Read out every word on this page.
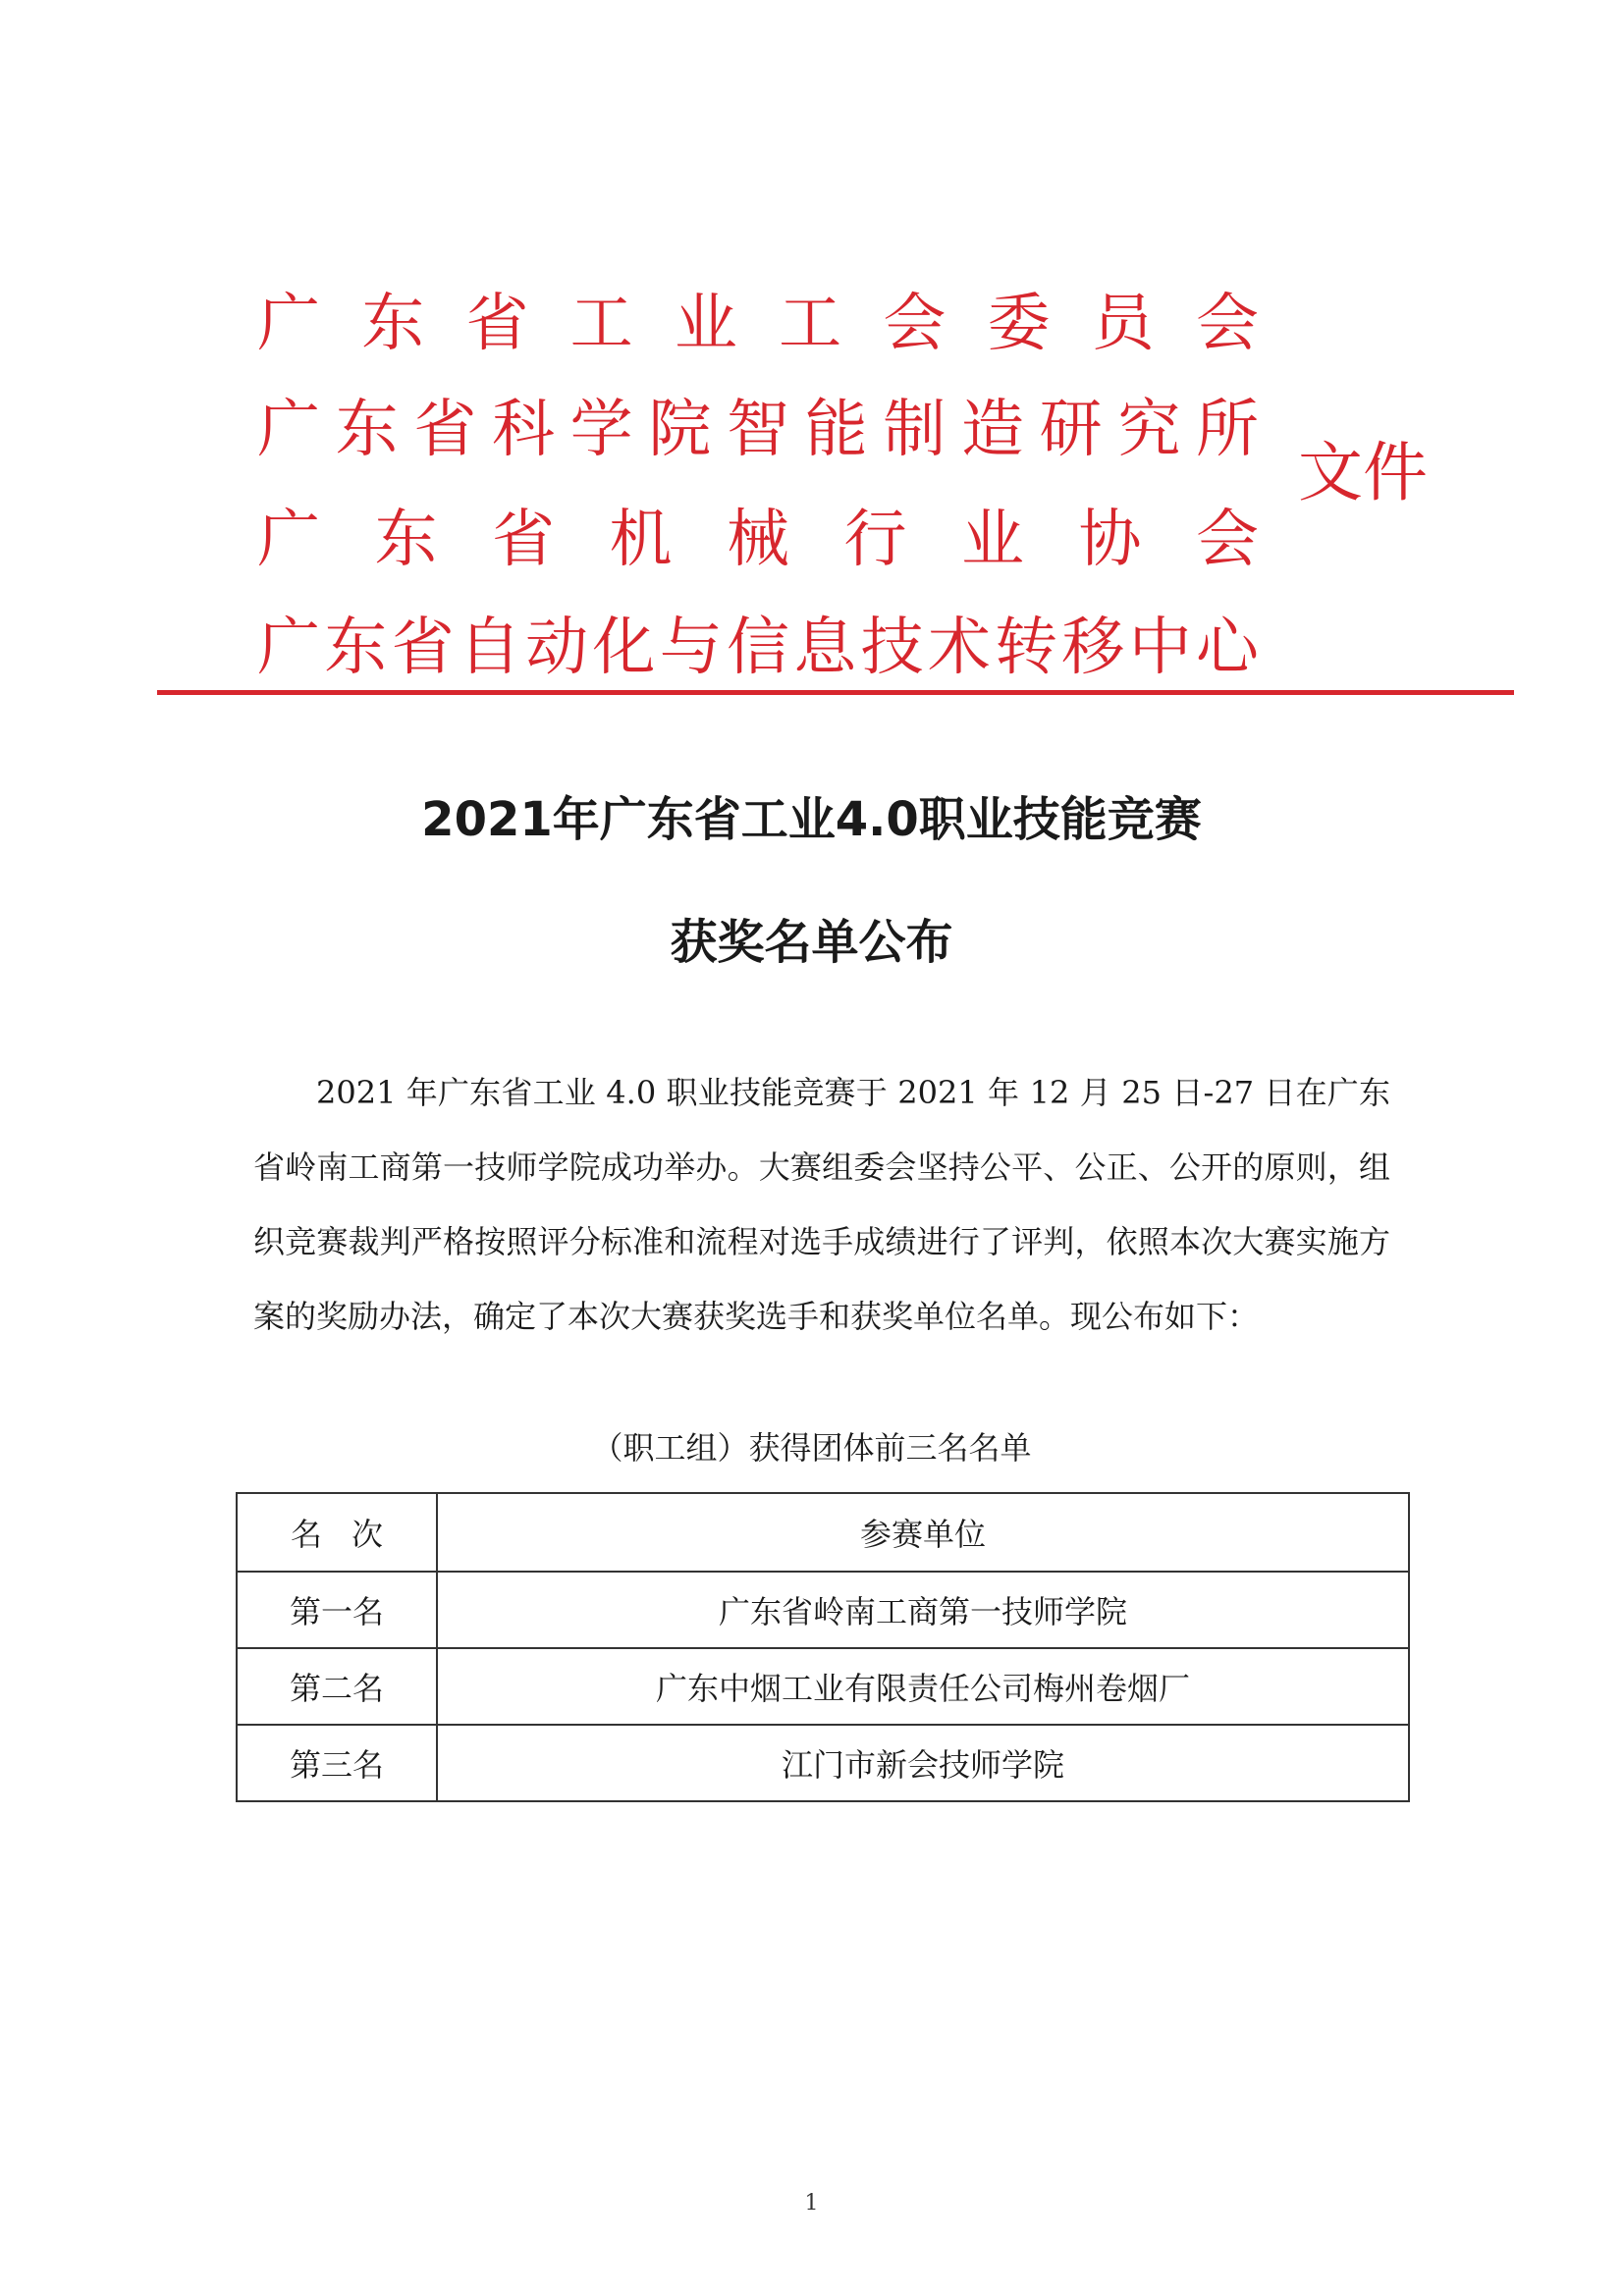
广东省工业工会委员会
广东省科学院智能制造研究所
广东省机械行业协会
广东省自动化与信息技术转移中心
文件
2021年广东省工业4.0职业技能竞赛
获奖名单公布
2021 年广东省工业 4.0 职业技能竞赛于 2021 年 12 月 25 日-27 日在广东省岭南工商第一技师学院成功举办。大赛组委会坚持公平、公正、公开的原则，组织竞赛裁判严格按照评分标准和流程对选手成绩进行了评判，依照本次大赛实施方案的奖励办法，确定了本次大赛获奖选手和获奖单位名单。现公布如下：
（职工组）获得团体前三名名单
名次	参赛单位
第一名	广东省岭南工商第一技师学院
第二名	广东中烟工业有限责任公司梅州卷烟厂
第三名	江门市新会技师学院
1
